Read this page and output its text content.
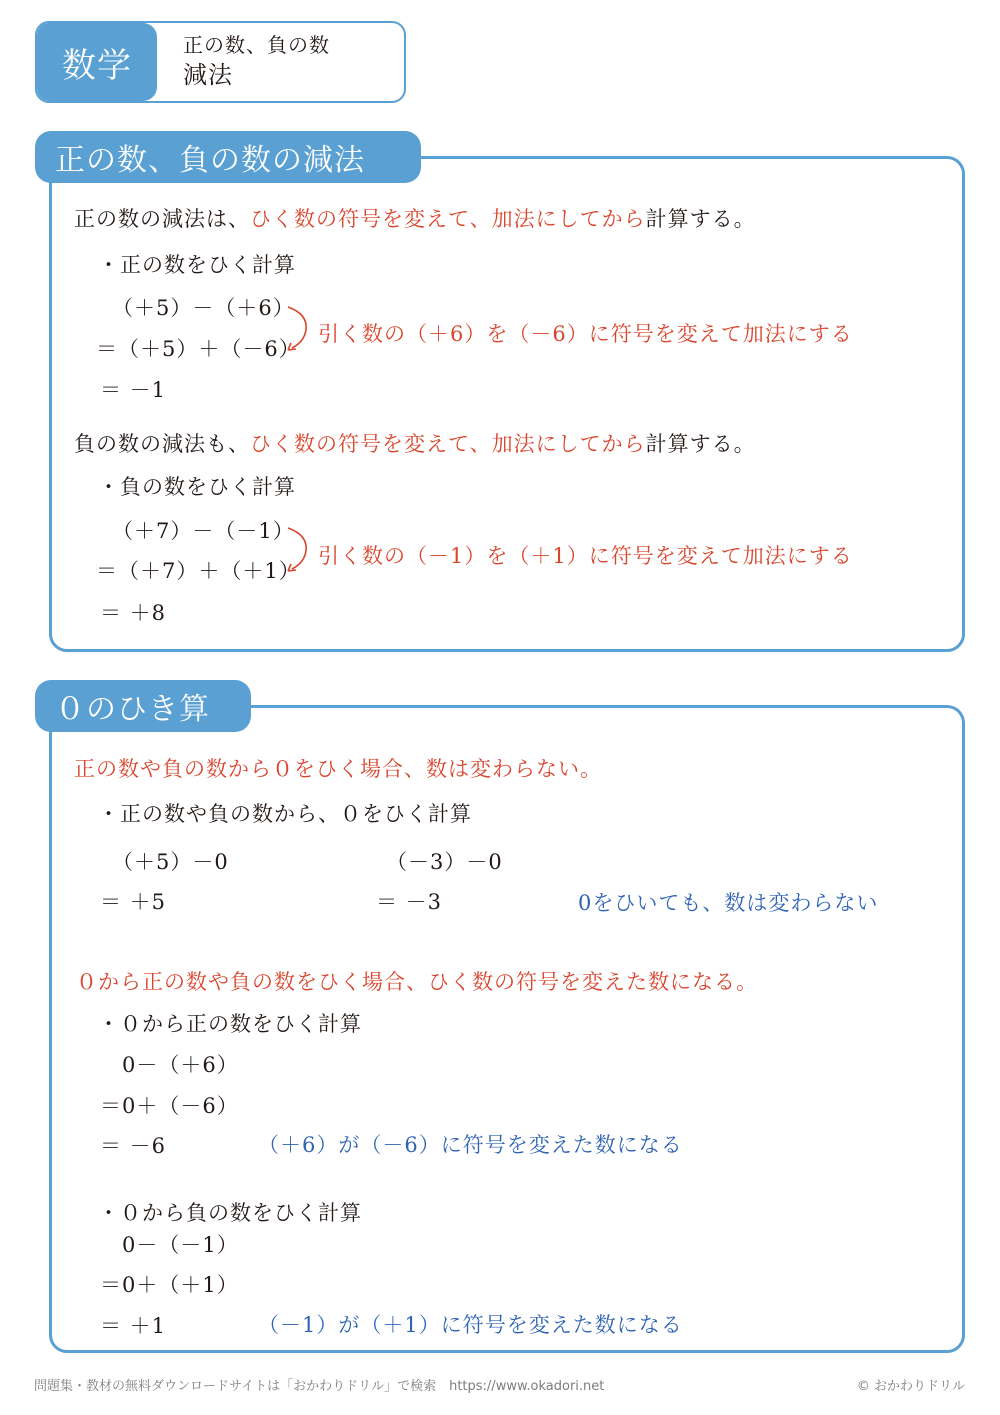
数学
正の数、負の数
減法
正の数、負の数の減法
正の数の減法は、ひく数の符号を変えて、加法にしてから計算する。
・正の数をひく計算
（＋5）－（＋6）
＝（＋5）＋（－6）
＝ －1
引く数の（＋6）を（－6）に符号を変えて加法にする
負の数の減法も、ひく数の符号を変えて、加法にしてから計算する。
・負の数をひく計算
（＋7）－（－1）
＝（＋7）＋（＋1）
＝ ＋8
引く数の（－1）を（＋1）に符号を変えて加法にする
０のひき算
正の数や負の数から０をひく場合、数は変わらない。
・正の数や負の数から、０をひく計算
（＋5）－0
＝ ＋5
（－3）－0
＝ －3	0をひいても、数は変わらない
０から正の数や負の数をひく場合、ひく数の符号を変えた数になる。
・０から正の数をひく計算
0－（＋6）
＝0＋（－6）
＝ －6	（＋6）が（－6）に符号を変えた数になる
・０から負の数をひく計算
0－（－1）
＝0＋（＋1）
＝ ＋1	（－1）が（＋1）に符号を変えた数になる
問題集・教材の無料ダウンロードサイトは「おかわりドリル」で検索　https://www.okadori.net	© おかわりドリル
